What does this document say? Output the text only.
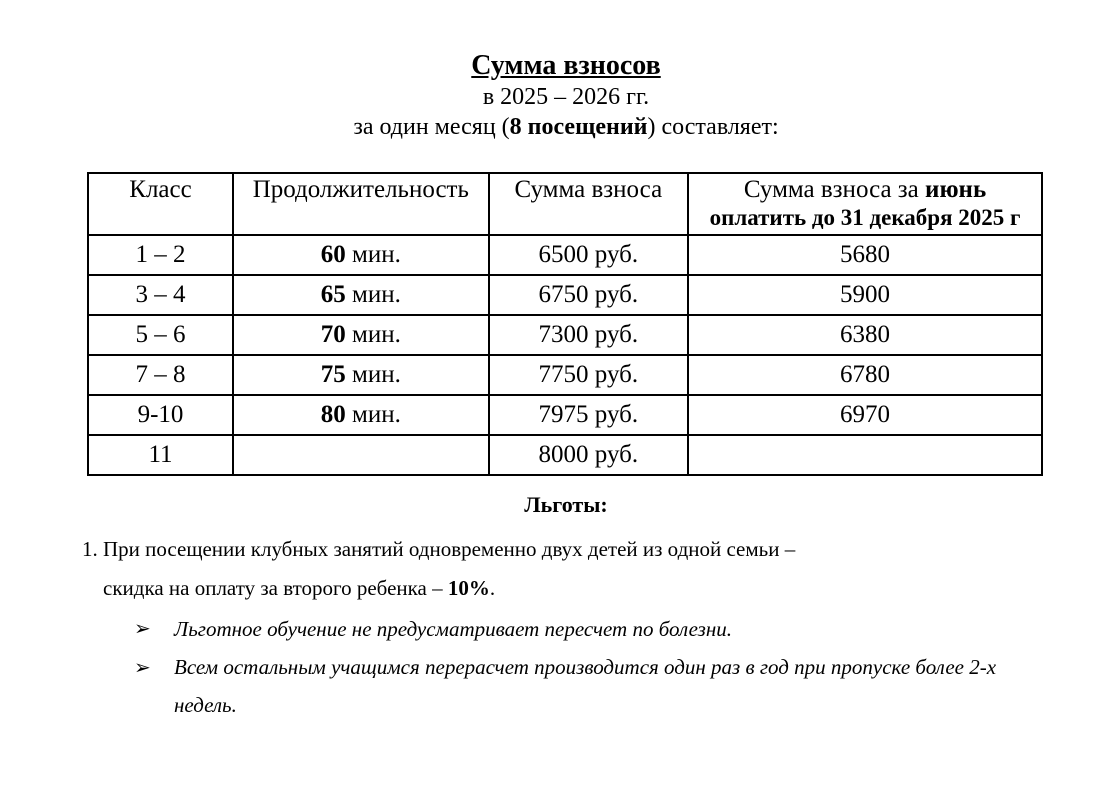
Сумма взносов
в 2025 – 2026 гг.
за один месяц (8 посещений) составляет:
Класс	Продолжительность	Сумма взноса	Сумма взноса за июнь
оплатить до 31 декабря 2025 г

1 – 2	60 мин.	6500 руб.	5680
3 – 4	65 мин.	6750 руб.	5900
5 – 6	70 мин.	7300 руб.	6380
7 – 8	75 мин.	7750 руб.	6780
9-10	80 мин.	7975 руб.	6970
11		8000 руб.	
Льготы:
1. При посещении клубных занятий одновременно двух детей из одной семьи –
скидка на оплату за второго ребенка – 10%.
➢ Льготное обучение не предусматривает пересчет по болезни.
➢ Всем остальным учащимся перерасчет производится один раз в год при пропуске более 2-х недель.
